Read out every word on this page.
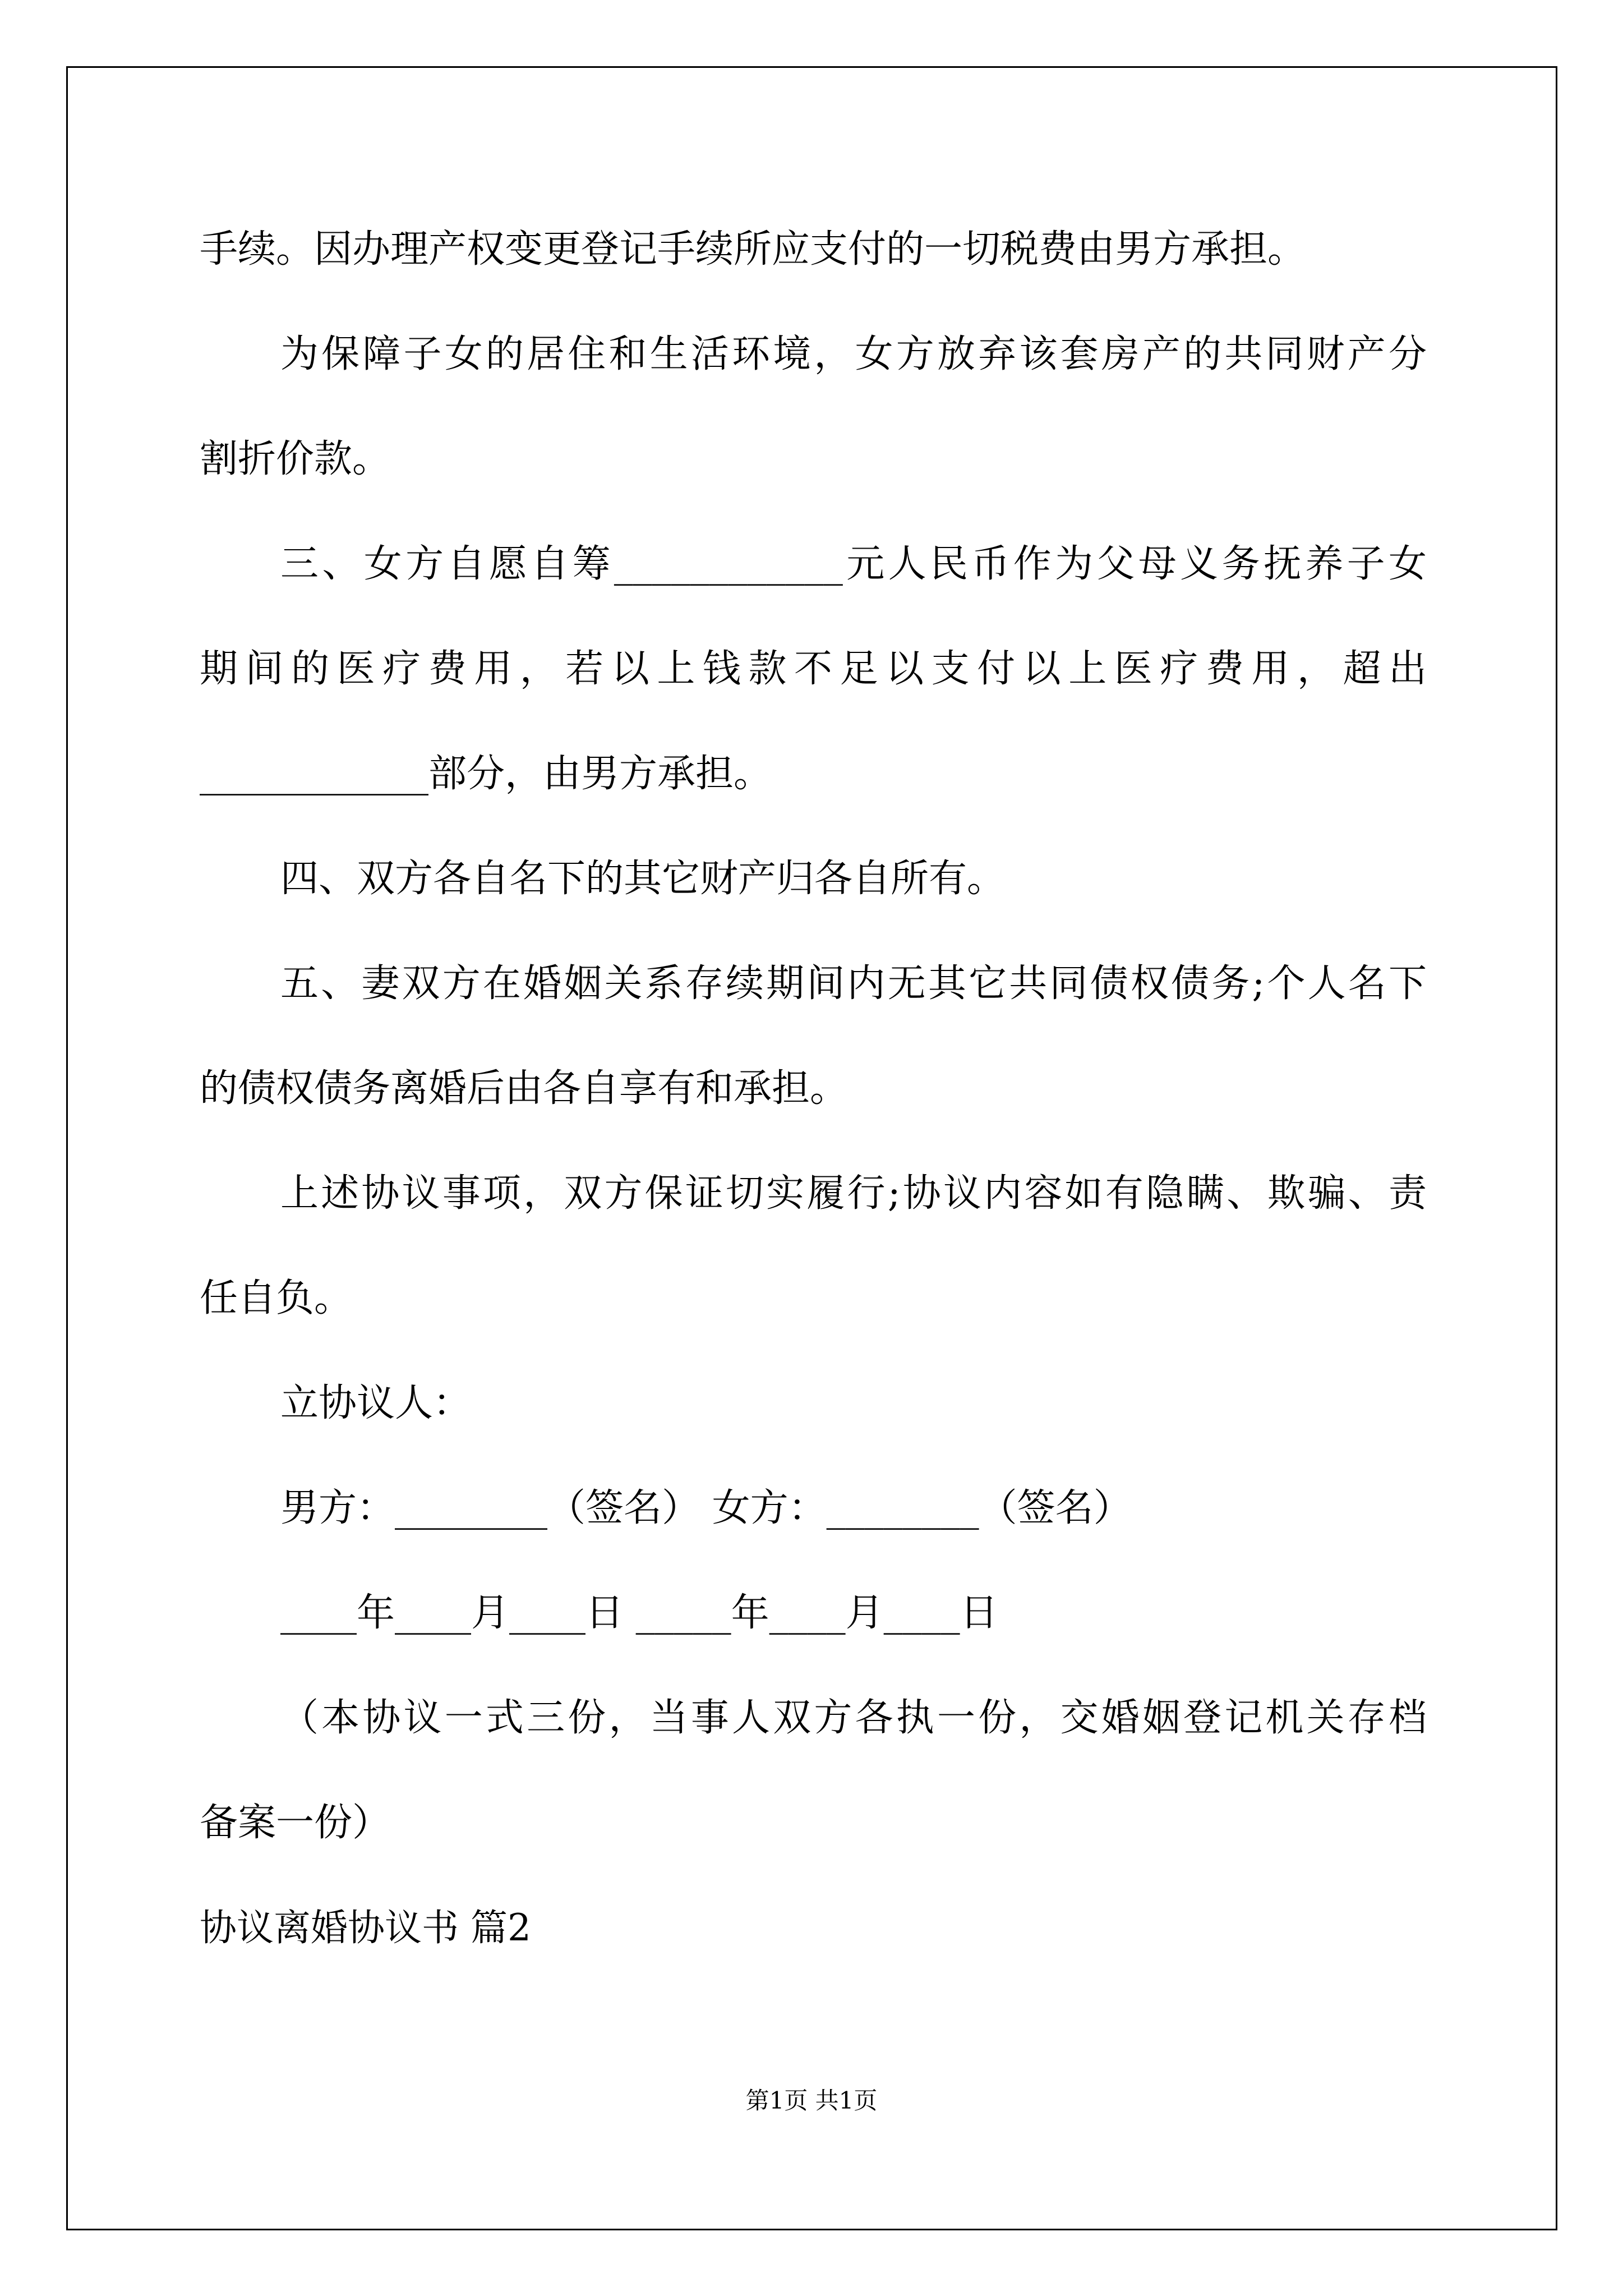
手续。因办理产权变更登记手续所应支付的一切税费由男方承担。
为保障子女的居住和生活环境，女方放弃该套房产的共同财产分
割折价款。
三、女方自愿自筹____________元人民币作为父母义务抚养子女
期间的医疗费用，若以上钱款不足以支付以上医疗费用，超出
____________部分，由男方承担。
四、双方各自名下的其它财产归各自所有。
五、妻双方在婚姻关系存续期间内无其它共同债权债务;个人名下
的债权债务离婚后由各自享有和承担。
上述协议事项，双方保证切实履行;协议内容如有隐瞒、欺骗、责
任自负。
立协议人：
男方：________（签名） 女方：________（签名）
____年____月____日 _____年____月____日
（本协议一式三份，当事人双方各执一份，交婚姻登记机关存档
备案一份）
协议离婚协议书 篇2
第1页 共1页
